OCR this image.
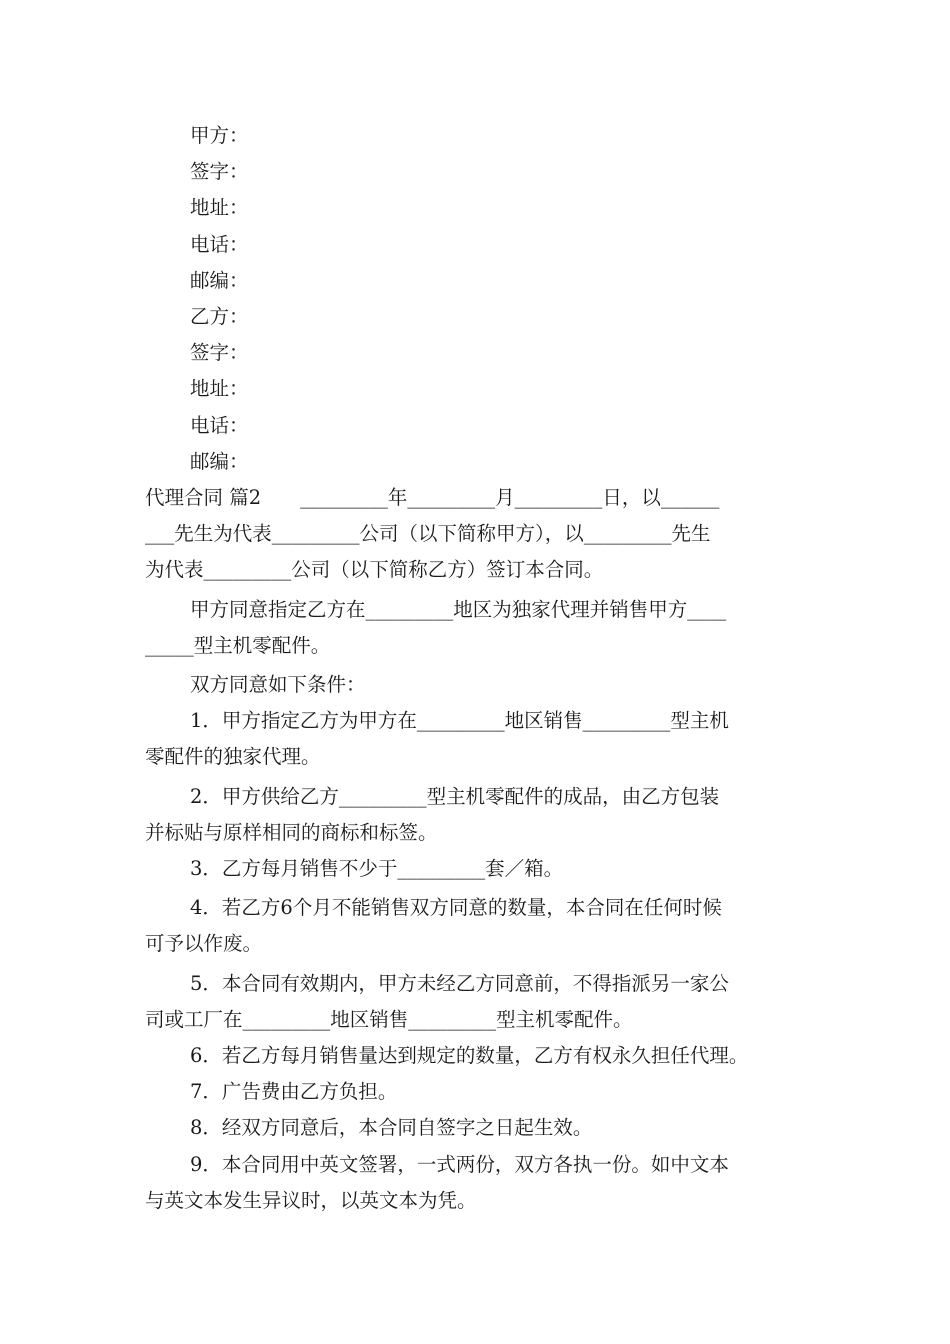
甲方：
签字：
地址：
电话：
邮编：
乙方：
签字：
地址：
电话：
邮编：
代理合同 篇2　　_________年_________月_________日，以______
___先生为代表_________公司（以下简称甲方），以_________先生
为代表_________公司（以下简称乙方）签订本合同。
甲方同意指定乙方在_________地区为独家代理并销售甲方____
_____型主机零配件。
双方同意如下条件：
1．甲方指定乙方为甲方在_________地区销售_________型主机
零配件的独家代理。
2．甲方供给乙方_________型主机零配件的成品，由乙方包装
并标贴与原样相同的商标和标签。
3．乙方每月销售不少于_________套／箱。
4．若乙方6个月不能销售双方同意的数量，本合同在任何时候
可予以作废。
5．本合同有效期内，甲方未经乙方同意前，不得指派另一家公
司或工厂在_________地区销售_________型主机零配件。
6．若乙方每月销售量达到规定的数量，乙方有权永久担任代理。
7．广告费由乙方负担。
8．经双方同意后，本合同自签字之日起生效。
9．本合同用中英文签署，一式两份，双方各执一份。如中文本
与英文本发生异议时，以英文本为凭。
